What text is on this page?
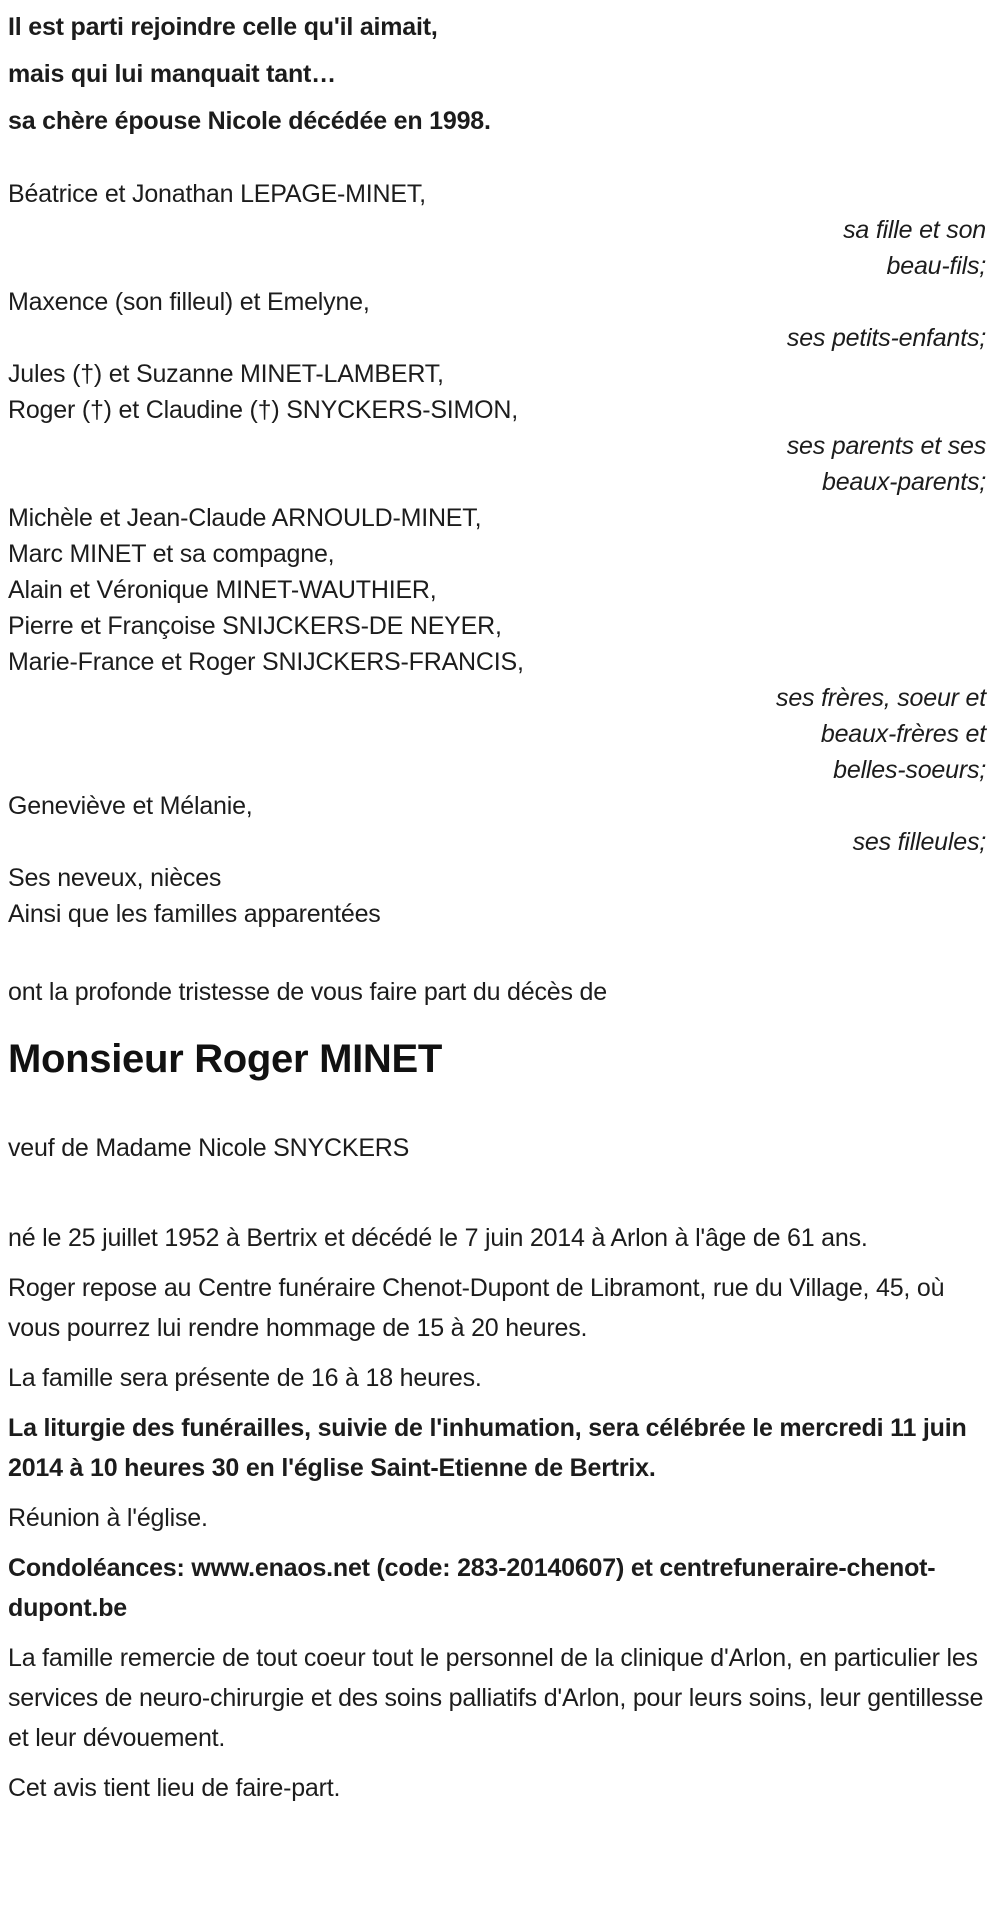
Il est parti rejoindre celle qu'il aimait,

mais qui lui manquait tant…

sa chère épouse Nicole décédée en 1998.

Béatrice et Jonathan LEPAGE-MINET,
sa fille et son
beau-fils;
Maxence (son filleul) et Emelyne,
ses petits-enfants;
Jules (†) et Suzanne MINET-LAMBERT,
Roger (†) et Claudine (†) SNYCKERS-SIMON,
ses parents et ses
beaux-parents;
Michèle et Jean-Claude ARNOULD-MINET,
Marc MINET et sa compagne,
Alain et Véronique MINET-WAUTHIER,
Pierre et Françoise SNIJCKERS-DE NEYER,
Marie-France et Roger SNIJCKERS-FRANCIS,
ses frères, soeur et
beaux-frères et
belles-soeurs;
Geneviève et Mélanie,
ses filleules;
Ses neveux, nièces
Ainsi que les familles apparentées

ont la profonde tristesse de vous faire part du décès de

Monsieur Roger MINET

veuf de Madame Nicole SNYCKERS

né le 25 juillet 1952 à Bertrix et décédé le 7 juin 2014 à Arlon à l'âge de 61 ans.

Roger repose au Centre funéraire Chenot-Dupont de Libramont, rue du Village, 45, où vous pourrez lui rendre hommage de 15 à 20 heures.

La famille sera présente de 16 à 18 heures.

La liturgie des funérailles, suivie de l'inhumation, sera célébrée le mercredi 11 juin 2014 à 10 heures 30 en l'église Saint-Etienne de Bertrix.

Réunion à l'église.

Condoléances: www.enaos.net (code: 283-20140607) et centrefuneraire-chenot-dupont.be

La famille remercie de tout coeur tout le personnel de la clinique d'Arlon, en particulier les services de neuro-chirurgie et des soins palliatifs d'Arlon, pour leurs soins, leur gentillesse et leur dévouement.

Cet avis tient lieu de faire-part.
